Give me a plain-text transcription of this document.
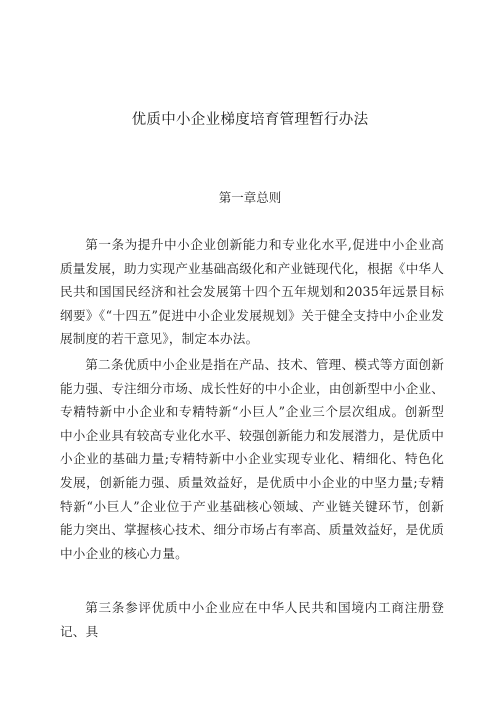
优质中小企业梯度培育管理暂行办法
第一章总则

第一条为提升中小企业创新能力和专业化水平,促进中小企业高质量发展，助力实现产业基础高级化和产业链现代化，根据《中华人民共和国国民经济和社会发展第十四个五年规划和2035年远景目标纲要》《“十四五”促进中小企业发展规划》关于健全支持中小企业发展制度的若干意见》，制定本办法。

第二条优质中小企业是指在产品、技术、管理、模式等方面创新能力强、专注细分市场、成长性好的中小企业，由创新型中小企业、专精特新中小企业和专精特新“小巨人”企业三个层次组成。创新型中小企业具有较高专业化水平、较强创新能力和发展潜力，是优质中小企业的基础力量;专精特新中小企业实现专业化、精细化、特色化发展，创新能力强、质量效益好，是优质中小企业的中坚力量;专精特新“小巨人”企业位于产业基础核心领域、产业链关键环节，创新能力突出、掌握核心技术、细分市场占有率高、质量效益好，是优质中小企业的核心力量。

第三条参评优质中小企业应在中华人民共和国境内工商注册登记、具
